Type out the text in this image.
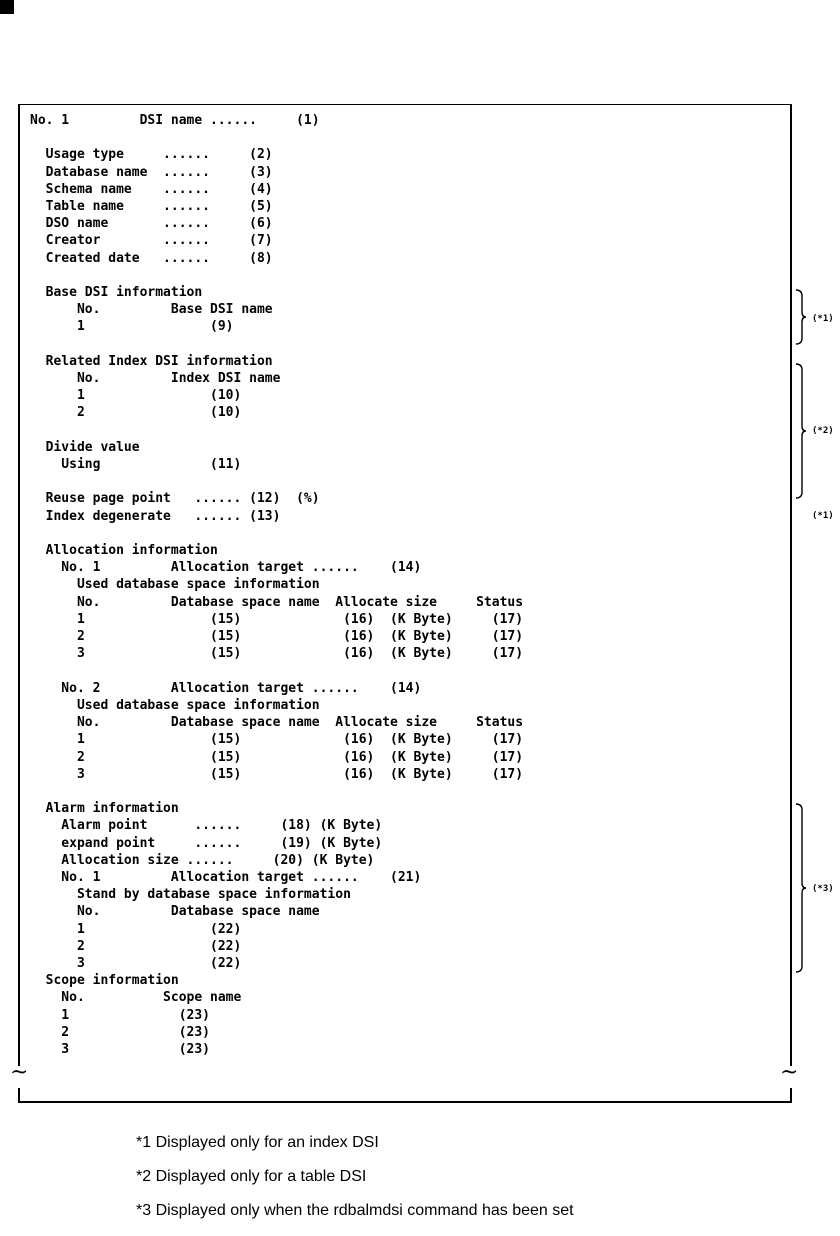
~	~
No. 1         DSI name ......     (1)

Usage type     ......     (2)
Database name  ......     (3)
Schema name    ......     (4)
Table name     ......     (5)
DSO name       ......     (6)
Creator        ......     (7)
Created date   ......     (8)

Base DSI information
No.         Base DSI name
1                (9)

Related Index DSI information
No.         Index DSI name
1                (10)
2                (10)

Divide value
Using              (11)

Reuse page point   ...... (12)  (%)
Index degenerate   ...... (13)

Allocation information
No. 1         Allocation target ......    (14)
Used database space information
No.         Database space name  Allocate size     Status
1                (15)             (16)  (K Byte)     (17)
2                (15)             (16)  (K Byte)     (17)
3                (15)             (16)  (K Byte)     (17)

No. 2         Allocation target ......    (14)
Used database space information
No.         Database space name  Allocate size     Status
1                (15)             (16)  (K Byte)     (17)
2                (15)             (16)  (K Byte)     (17)
3                (15)             (16)  (K Byte)     (17)

Alarm information
Alarm point      ......     (18) (K Byte)
expand point     ......     (19) (K Byte)
Allocation size ......     (20) (K Byte)
No. 1         Allocation target ......    (21)
Stand by database space information
No.         Database space name
1                (22)
2                (22)
3                (22)
Scope information
No.          Scope name
1              (23)
2              (23)
3              (23)
(*1)
(*2)
(*1)
(*3)
*1 Displayed only for an index DSI
*2 Displayed only for a table DSI
*3 Displayed only when the rdbalmdsi command has been set
